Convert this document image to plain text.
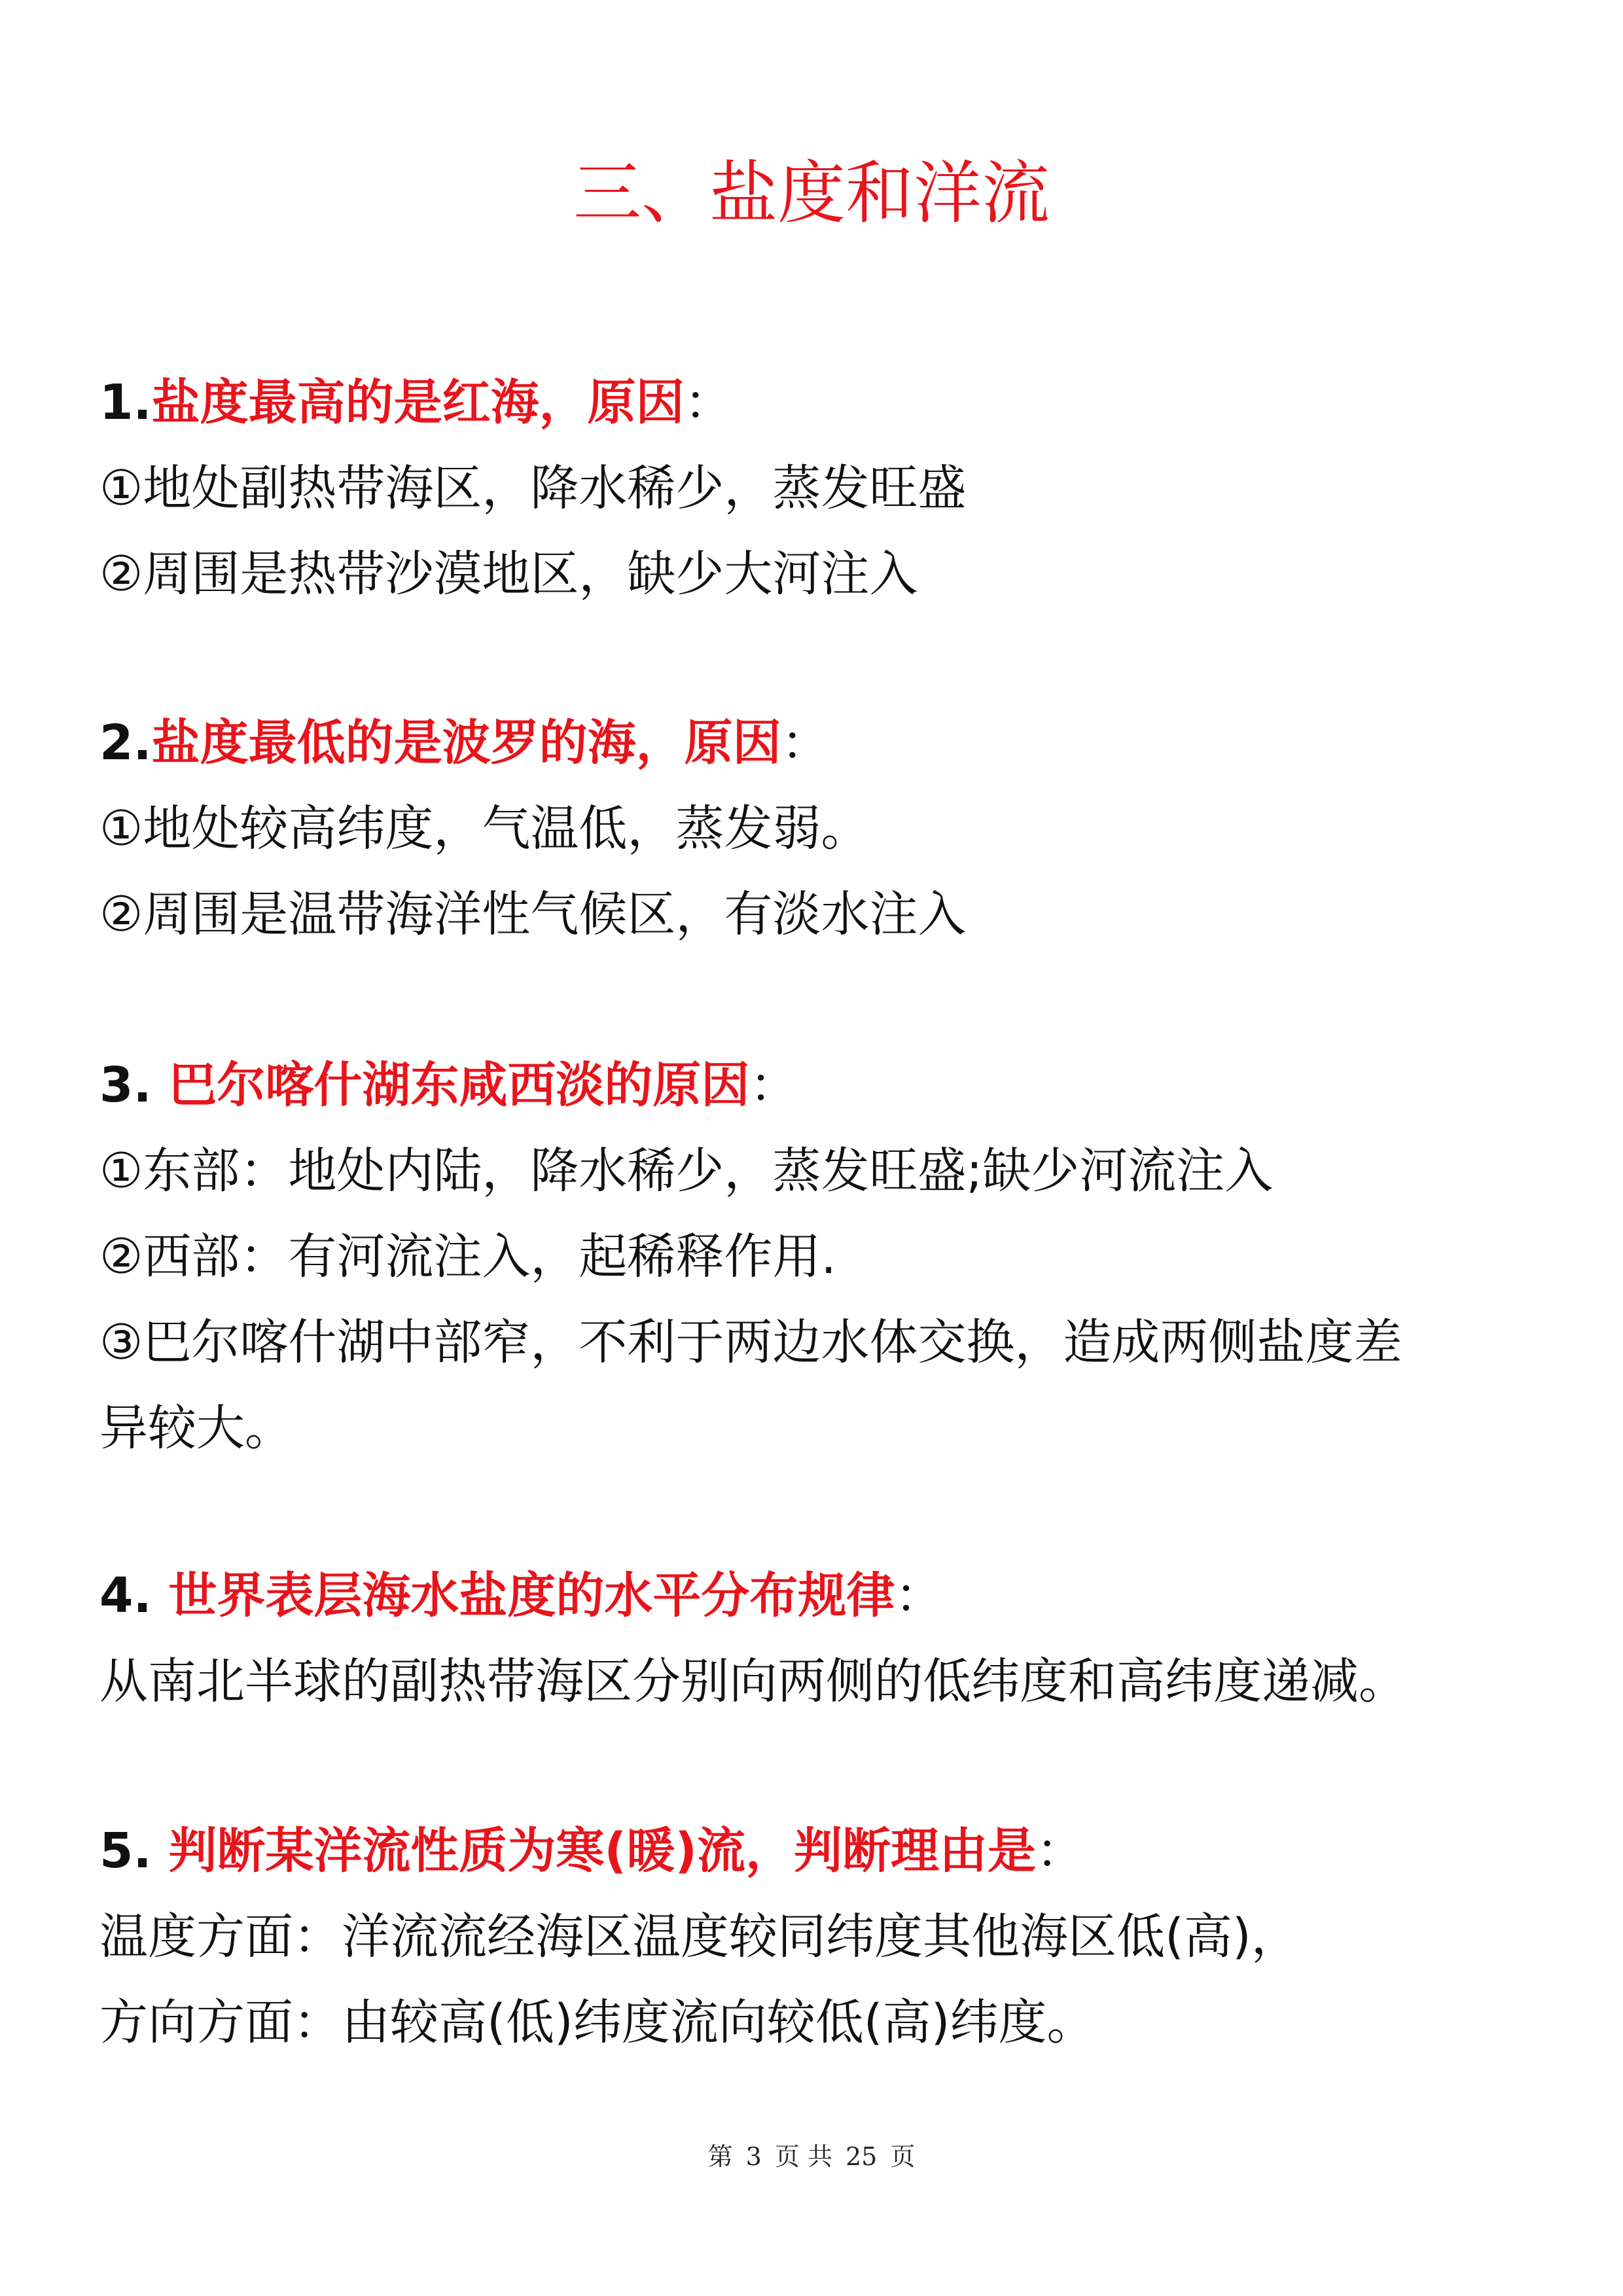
三、盐度和洋流

1.盐度最高的是红海，原因：

①地处副热带海区，降水稀少，蒸发旺盛

②周围是热带沙漠地区，缺少大河注入

2.盐度最低的是波罗的海，原因：

①地处较高纬度，气温低，蒸发弱。

②周围是温带海洋性气候区，有淡水注入

3. 巴尔喀什湖东咸西淡的原因：

①东部：地处内陆，降水稀少，蒸发旺盛;缺少河流注入

②西部：有河流注入，起稀释作用.

③巴尔喀什湖中部窄，不利于两边水体交换，造成两侧盐度差

异较大。

4. 世界表层海水盐度的水平分布规律：

从南北半球的副热带海区分别向两侧的低纬度和高纬度递减。

5. 判断某洋流性质为寒(暖)流，判断理由是：

温度方面：洋流流经海区温度较同纬度其他海区低(高)，

方向方面：由较高(低)纬度流向较低(高)纬度。

第 3 页 共 25 页
